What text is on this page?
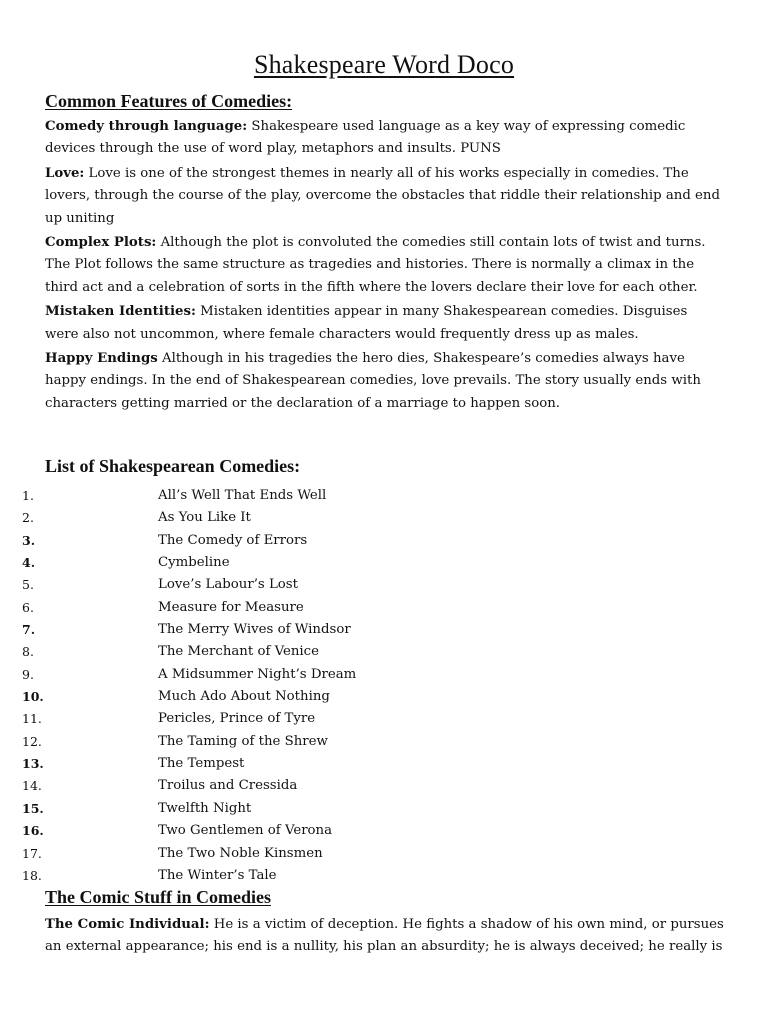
Shakespeare Word Doco
Common Features of Comedies:

Comedy through language: Shakespeare used language as a key way of expressing comedic devices through the use of word play, metaphors and insults. PUNS

Love: Love is one of the strongest themes in nearly all of his works especially in comedies. The lovers, through the course of the play, overcome the obstacles that riddle their relationship and end up uniting

Complex Plots: Although the plot is convoluted the comedies still contain lots of twist and turns. The Plot follows the same structure as tragedies and histories. There is normally a climax in the third act and a celebration of sorts in the fifth where the lovers declare their love for each other.

Mistaken Identities: Mistaken identities appear in many Shakespearean comedies. Disguises were also not uncommon, where female characters would frequently dress up as males.

Happy Endings Although in his tragedies the hero dies, Shakespeare’s comedies always have happy endings. In the end of Shakespearean comedies, love prevails. The story usually ends with characters getting married or the declaration of a marriage to happen soon.

List of Shakespearean Comedies:
1.	All’s Well That Ends Well
2.	As You Like It
3.	The Comedy of Errors
4.	Cymbeline
5.	Love’s Labour’s Lost
6.	Measure for Measure
7.	The Merry Wives of Windsor
8.	The Merchant of Venice
9.	A Midsummer Night’s Dream
10.	Much Ado About Nothing
11.	Pericles, Prince of Tyre
12.	The Taming of the Shrew
13.	The Tempest
14.	Troilus and Cressida
15.	Twelfth Night
16.	Two Gentlemen of Verona
17.	The Two Noble Kinsmen
18.	The Winter’s Tale
The Comic Stuff in Comedies

The Comic Individual: He is a victim of deception. He fights a shadow of his own mind, or pursues an external appearance; his end is a nullity, his plan an absurdity; he is always deceived; he really is
